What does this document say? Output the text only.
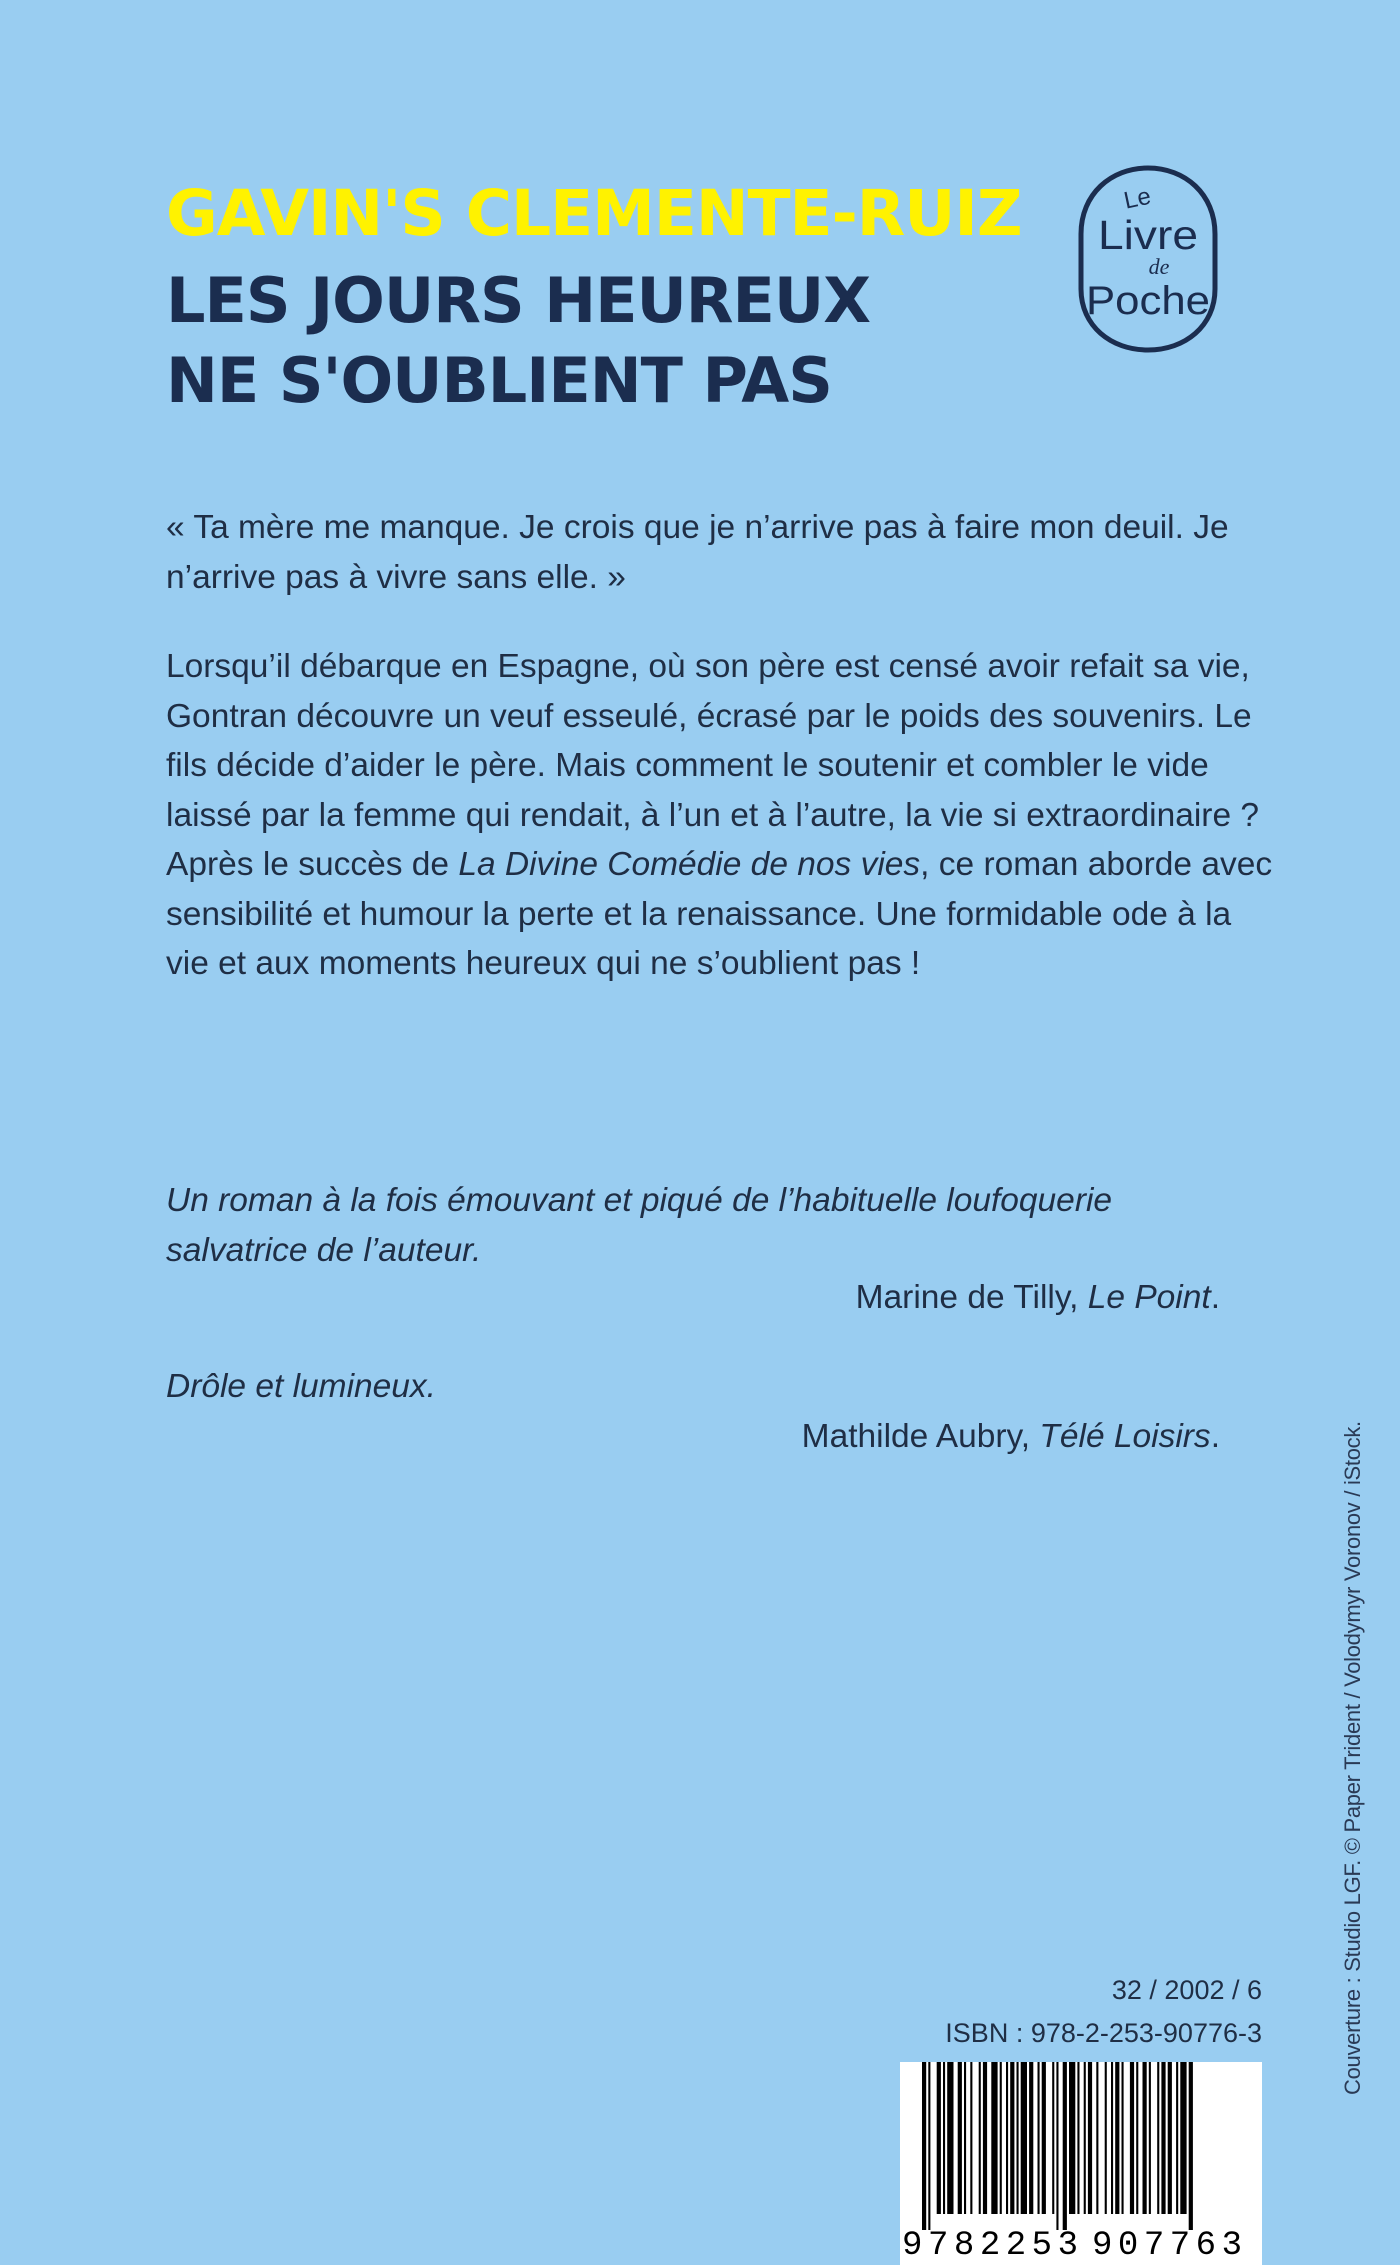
GAVIN'S CLEMENTE-RUIZ
LES JOURS HEUREUX
NE S'OUBLIENT PAS
Le
Livre
de
Poche

« Ta mère me manque. Je crois que je n’arrive pas à faire mon deuil. Je n’arrive pas à vivre sans elle. »

Lorsqu’il débarque en Espagne, où son père est censé avoir refait sa vie, Gontran découvre un veuf esseulé, écrasé par le poids des souvenirs. Le fils décide d’aider le père. Mais comment le soutenir et combler le vide laissé par la femme qui rendait, à l’un et à l’autre, la vie si extraordinaire ? Après le succès de La Divine Comédie de nos vies, ce roman aborde avec sensibilité et humour la perte et la renaissance. Une formidable ode à la vie et aux moments heureux qui ne s’oublient pas !

Un roman à la fois émouvant et piqué de l’habituelle loufoquerie salvatrice de l’auteur.

Marine de Tilly, Le Point.

Drôle et lumineux.

Mathilde Aubry, Télé Loisirs.	Couverture : Studio LGF. © Paper Trident / Volodymyr Voronov / iStock.

32 / 2002 / 6

ISBN : 978-2-253-90776-3

9 782253 907763
